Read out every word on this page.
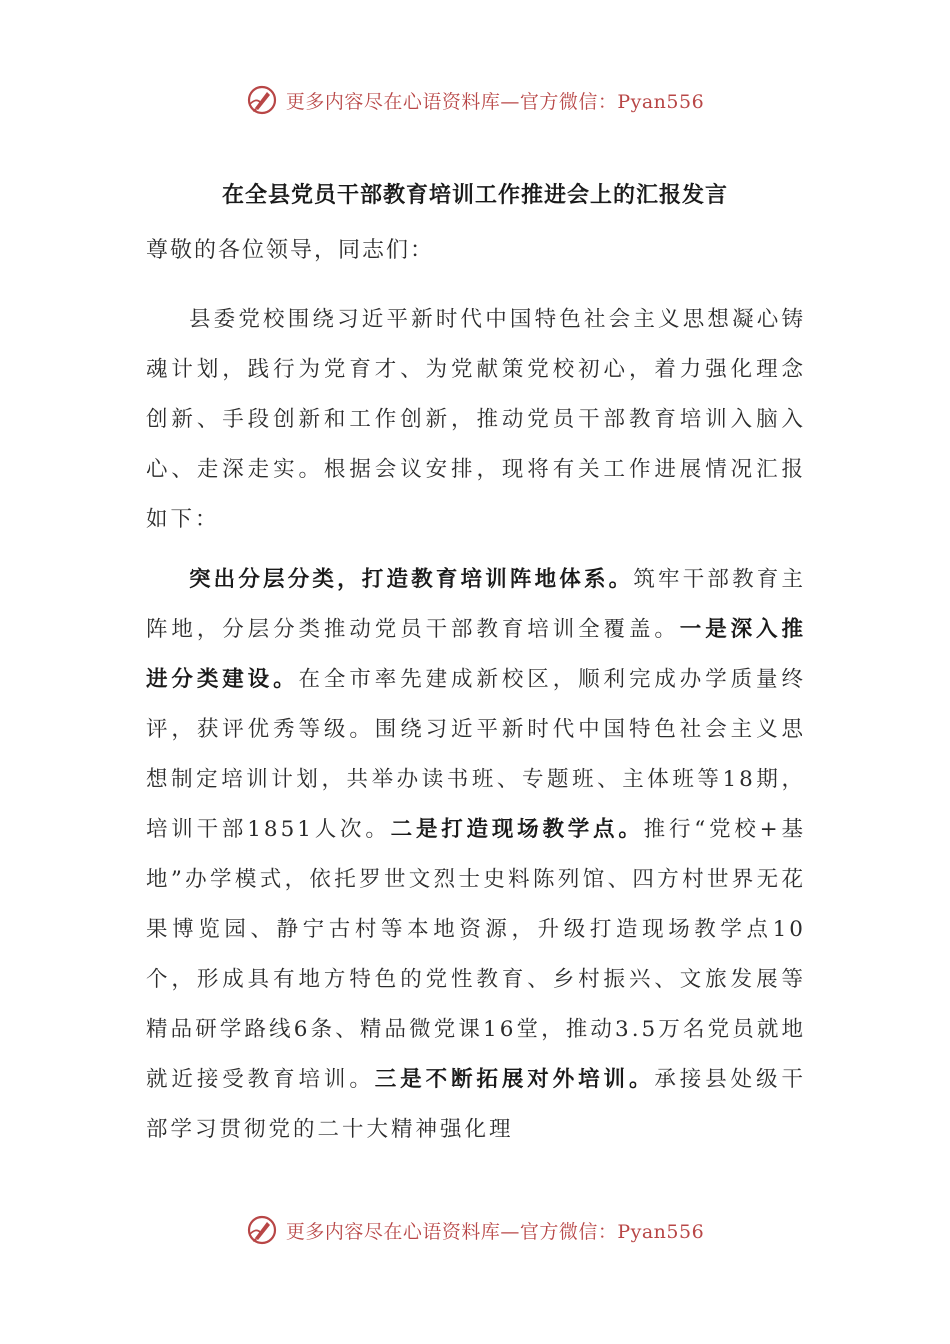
更多内容尽在心语资料库—官方微信：Pyan556
在全县党员干部教育培训工作推进会上的汇报发言
尊敬的各位领导，同志们：

县委党校围绕习近平新时代中国特色社会主义思想凝心铸魂计划，践行为党育才、为党献策党校初心，着力强化理念创新、手段创新和工作创新，推动党员干部教育培训入脑入心、走深走实。根据会议安排，现将有关工作进展情况汇报如下：

突出分层分类，打造教育培训阵地体系。筑牢干部教育主阵地，分层分类推动党员干部教育培训全覆盖。一是深入推进分类建设。在全市率先建成新校区，顺利完成办学质量终评，获评优秀等级。围绕习近平新时代中国特色社会主义思想制定培训计划，共举办读书班、专题班、主体班等18期，培训干部1851人次。二是打造现场教学点。推行“党校+基地”办学模式，依托罗世文烈士史料陈列馆、四方村世界无花果博览园、静宁古村等本地资源，升级打造现场教学点10个，形成具有地方特色的党性教育、乡村振兴、文旅发展等精品研学路线6条、精品微党课16堂，推动3.5万名党员就地就近接受教育培训。三是不断拓展对外培训。承接县处级干部学习贯彻党的二十大精神强化理

更多内容尽在心语资料库—官方微信：Pyan556
